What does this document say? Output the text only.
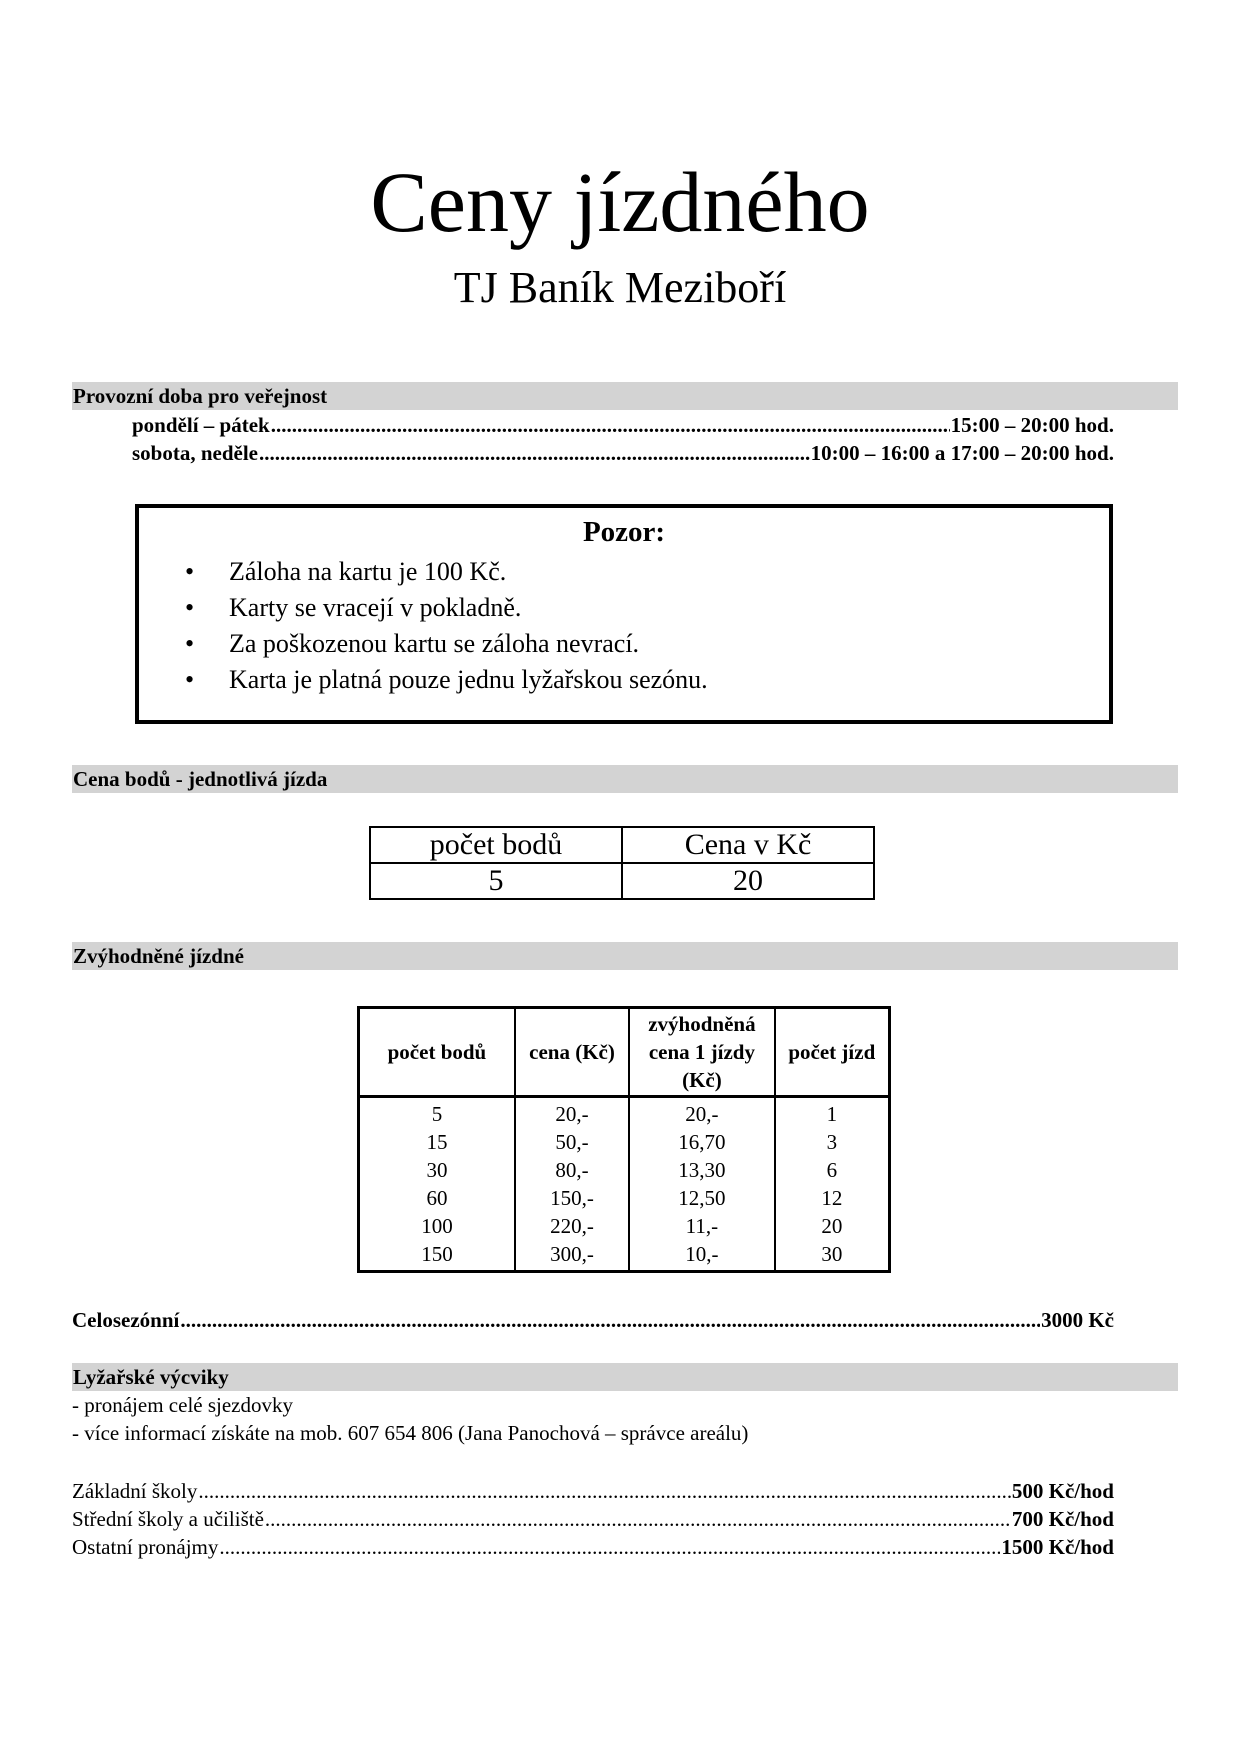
Ceny jízdného
TJ Baník Meziboří
Provozní doba pro veřejnost
pondělí – pátek .....	15:00 – 20:00 hod.
sobota, neděle .....	10:00 – 16:00 a 17:00 – 20:00 hod.
Pozor:
• Záloha na kartu je 100 Kč.
• Karty se vracejí v pokladně.
• Za poškozenou kartu se záloha nevrací.
• Karta je platná pouze jednu lyžařskou sezónu.
Cena bodů - jednotlivá jízda
počet bodů	Cena v Kč
5	20
Zvýhodněné jízdné
počet bodů	cena (Kč)	zvýhodněná cena 1 jízdy (Kč)	počet jízd
5	20,-	20,-	1
15	50,-	16,70	3
30	80,-	13,30	6
60	150,-	12,50	12
100	220,-	11,-	20
150	300,-	10,-	30
Celosezónní .....	3000 Kč
Lyžařské výcviky
- pronájem celé sjezdovky
- více informací získáte na mob. 607 654 806 (Jana Panochová – správce areálu)
Základní školy .....	500 Kč/hod
Střední školy a učiliště .....	700 Kč/hod
Ostatní pronájmy .....	1500 Kč/hod
